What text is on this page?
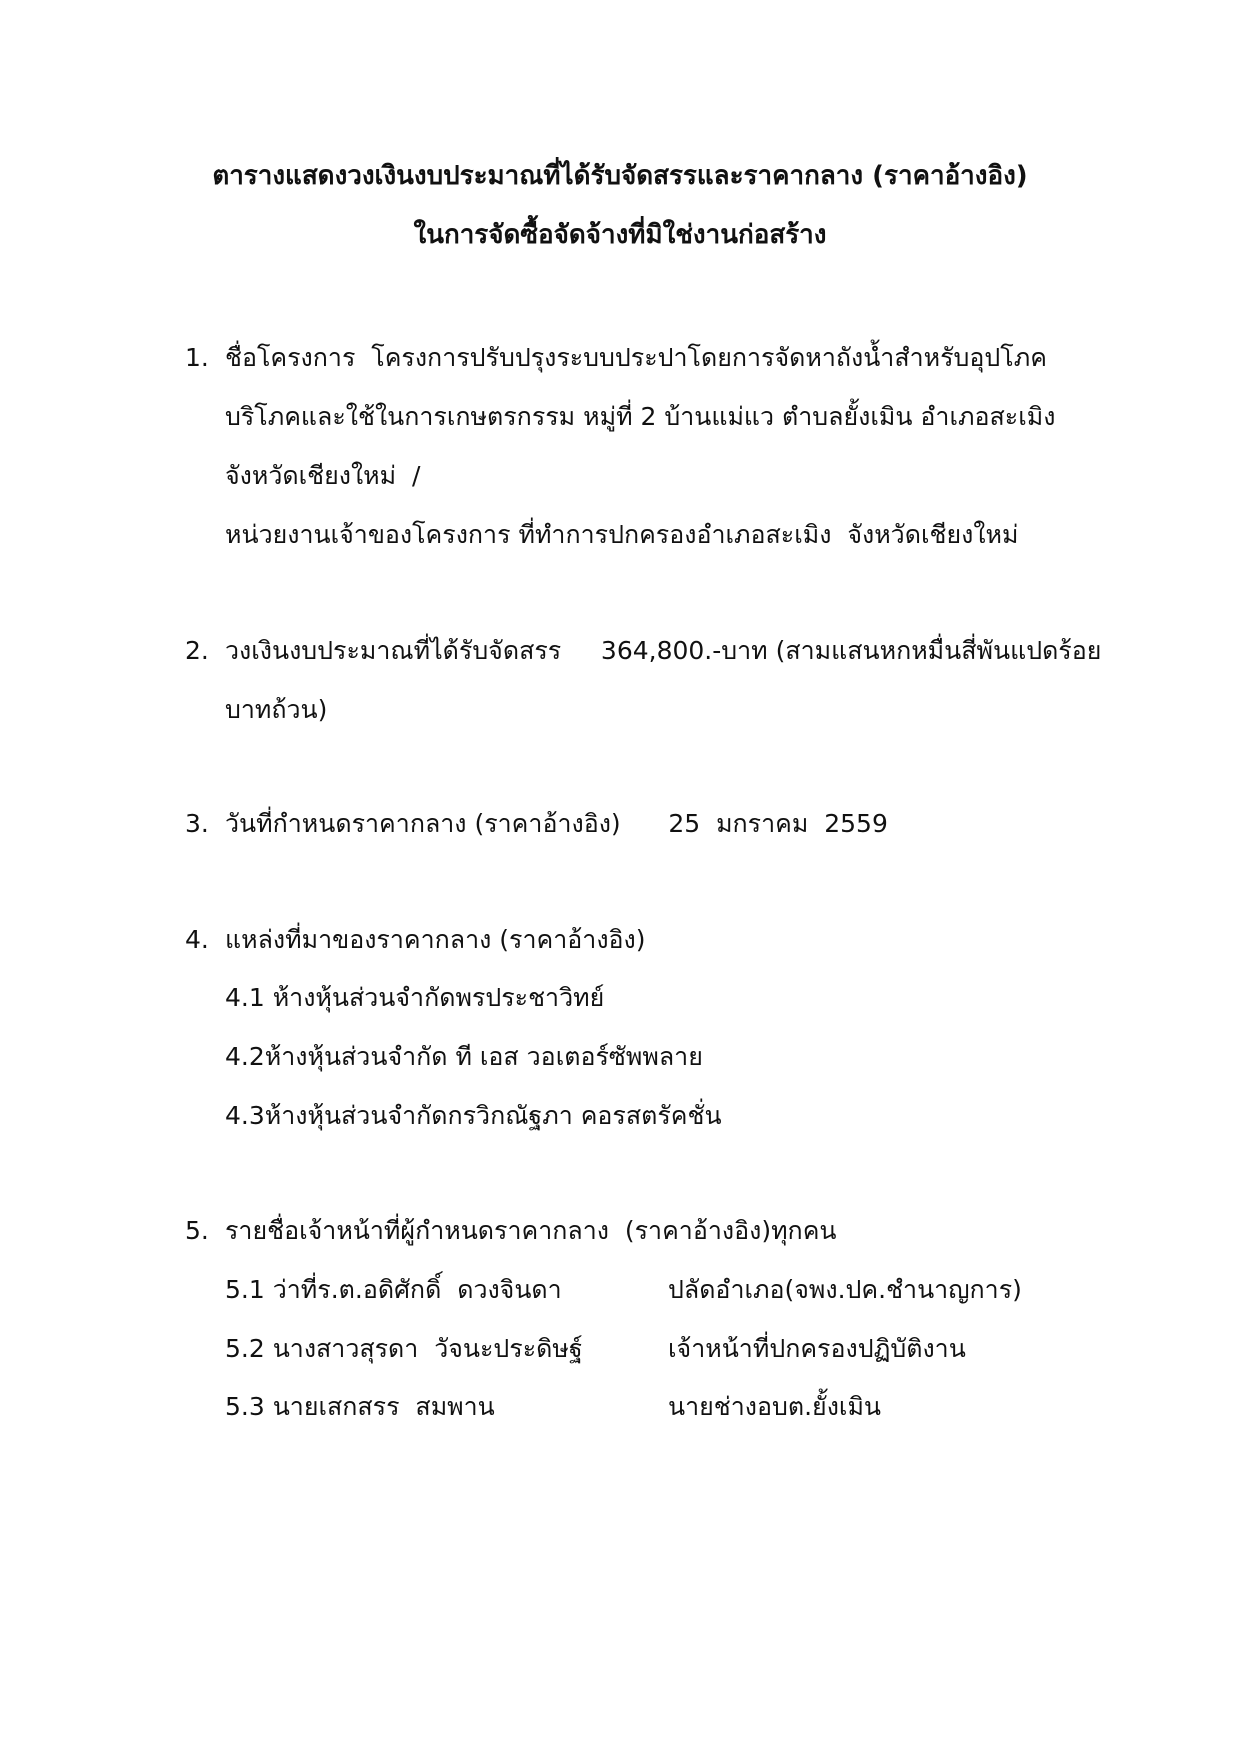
ตารางแสดงวงเงินงบประมาณที่ได้รับจัดสรรและราคากลาง (ราคาอ้างอิง)
ในการจัดซื้อจัดจ้างที่มิใช่งานก่อสร้าง
1. ชื่อโครงการ  โครงการปรับปรุงระบบประปาโดยการจัดหาถังน้ำสำหรับอุปโภค
บริโภคและใช้ในการเกษตรกรรม หมู่ที่ 2 บ้านแม่แว ตำบลยั้งเมิน อำเภอสะเมิง
จังหวัดเชียงใหม่  /
หน่วยงานเจ้าของโครงการ ที่ทำการปกครองอำเภอสะเมิง  จังหวัดเชียงใหม่
2. วงเงินงบประมาณที่ได้รับจัดสรร     364,800.-บาท (สามแสนหกหมื่นสี่พันแปดร้อย
บาทถ้วน)
3. วันที่กำหนดราคากลาง (ราคาอ้างอิง)      25  มกราคม  2559
4. แหล่งที่มาของราคากลาง (ราคาอ้างอิง)
4.1 ห้างหุ้นส่วนจำกัดพรประชาวิทย์
4.2ห้างหุ้นส่วนจำกัด ที เอส วอเตอร์ซัพพลาย
4.3ห้างหุ้นส่วนจำกัดกรวิกณัฐภา คอรสตรัคชั่น
5. รายชื่อเจ้าหน้าที่ผู้กำหนดราคากลาง  (ราคาอ้างอิง)ทุกคน
5.1 ว่าที่ร.ต.อดิศักดิ์  ดวงจินดา	ปลัดอำเภอ(จพง.ปค.ชำนาญการ)
5.2 นางสาวสุรดา  วัจนะประดิษฐ์	เจ้าหน้าที่ปกครองปฏิบัติงาน
5.3 นายเสกสรร  สมพาน	นายช่างอบต.ยั้งเมิน
